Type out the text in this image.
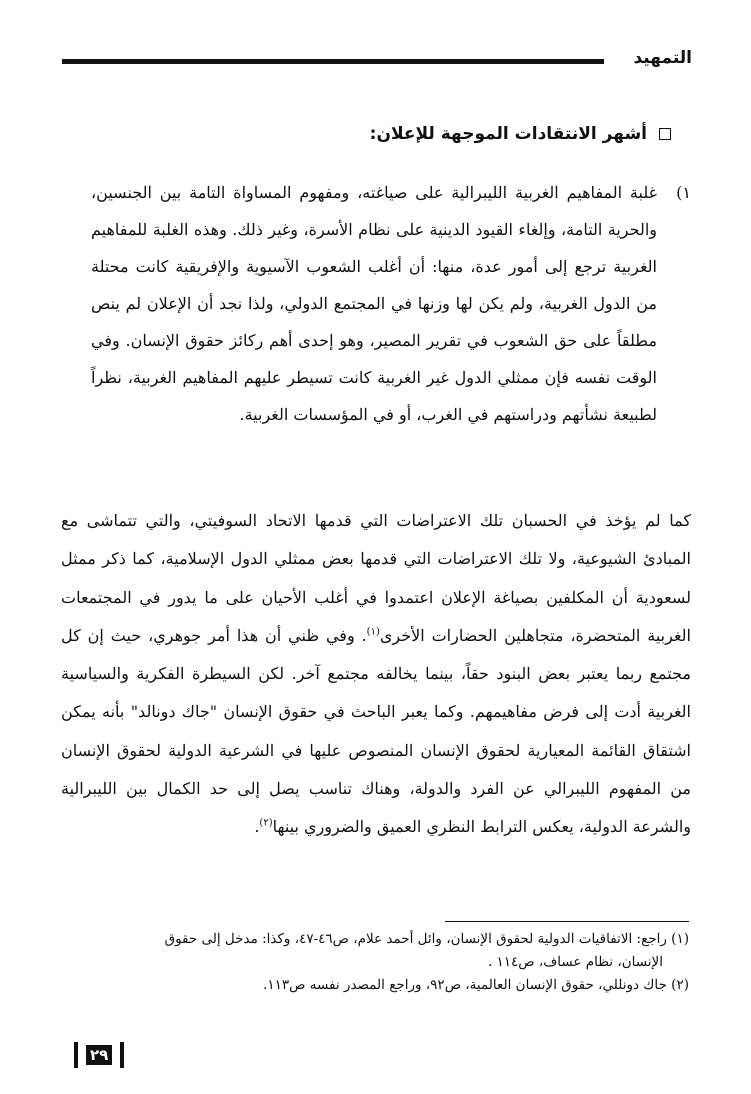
التمهيد
أشهر الانتقادات الموجهة للإعلان:
١)

غلبة المفاهيم الغربية الليبرالية على صياغته، ومفهوم المساواة التامة بين الجنسين، والحرية التامة، وإلغاء القيود الدينية على نظام الأسرة، وغير ذلك. وهذه الغلبة للمفاهيم الغربية ترجع إلى أمور عدة، منها: أن أغلب الشعوب الآسيوية والإفريقية كانت محتلة من الدول الغربية، ولم يكن لها وزنها في المجتمع الدولي، ولذا نجد أن الإعلان لم ينص مطلقاً على حق الشعوب في تقرير المصير، وهو إحدى أهم ركائز حقوق الإنسان. وفي الوقت نفسه فإن ممثلي الدول غير الغربية كانت تسيطر عليهم المفاهيم الغربية، نظراً لطبيعة نشأتهم ودراستهم في الغرب، أو في المؤسسات الغربية.

كما لم يؤخذ في الحسبان تلك الاعتراضات التي قدمها الاتحاد السوفيتي، والتي تتماشى مع المبادئ الشيوعية، ولا تلك الاعتراضات التي قدمها بعض ممثلي الدول الإسلامية، كما ذكر ممثل لسعودية أن المكلفين بصياغة الإعلان اعتمدوا في أغلب الأحيان على ما يدور في المجتمعات الغربية المتحضرة، متجاهلين الحضارات الأخرى$^{(١)}$. وفي ظني أن هذا أمر جوهري، حيث إن كل مجتمع ربما يعتبر بعض البنود حقاً، بينما يخالفه مجتمع آخر. لكن السيطرة الفكرية والسياسية الغربية أدت إلى فرض مفاهيمهم. وكما يعبر الباحث في حقوق الإنسان "جاك دونالد" بأنه يمكن اشتقاق القائمة المعيارية لحقوق الإنسان المنصوص عليها في الشرعية الدولية لحقوق الإنسان من المفهوم الليبرالي عن الفرد والدولة، وهناك تناسب يصل إلى حد الكمال بين الليبرالية والشرعة الدولية، يعكس الترابط النظري العميق والضروري بينها$^{(٢)}$.

(١) راجع: الاتفاقيات الدولية لحقوق الإنسان، وائل أحمد علام، ص٤٦-٤٧، وكذا: مدخل إلى حقوق
الإنسان، نظام عساف، ص١١٤ .

(٢) جاك دونللي، حقوق الإنسان العالمية، ص٩٢، وراجع المصدر نفسه ص١١٣.

٢٩
